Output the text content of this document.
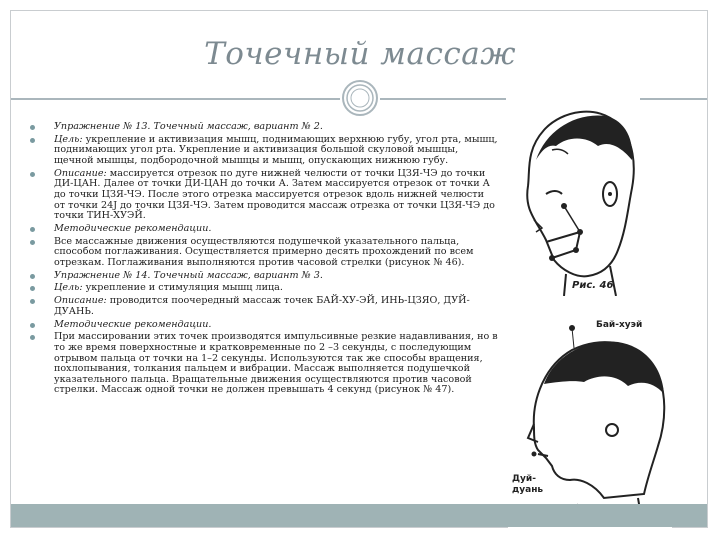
Точечный массаж
Упражнение № 13. Точечный массаж, вариант № 2.
Цель: укрепление и активизация мышц, поднимающих верхнюю губу, угол рта, мышц, поднимающих угол рта. Укрепление и активизация большой скуловой мышцы, щечной мышцы, подбородочной мышцы и мышц, опускающих нижнюю губу.
Описание: массируется отрезок по дуге нижней челюсти от точки ЦЗЯ-ЧЭ до точки ДИ-ЦАН. Далее от точки ДИ-ЦАН до точки А. Затем массируется отрезок от точки А до точки ЦЗЯ-ЧЭ. После этого отрезка массируется отрезок вдоль нижней челюсти от точки 24J до точки ЦЗЯ-ЧЭ. Затем проводится массаж отрезка от точки ЦЗЯ-ЧЭ до точки ТИН-ХУЭЙ.
Методические рекомендации.
Все массажные движения осуществляются подушечкой указательного пальца, способом поглаживания. Осуществляется примерно десять прохождений по всем отрезкам. Поглаживания выполняются против часовой стрелки (рисунок № 46).
Упражнение № 14. Точечный массаж, вариант № 3.
Цель: укрепление и стимуляция мышц лица.
Описание: проводится поочередный массаж точек БАЙ-ХУ-ЭЙ, ИНЬ-ЦЗЯО, ДУЙ-ДУАНЬ.
Методические рекомендации.
При массировании этих точек производятся импульсивные резкие надавливания, но в то же время поверхностные и кратковременные по 2 –3 секунды, с последующим отрывом пальца от точки на 1–2 секунды. Используются так же способы вращения, похлопывания, толкания пальцем и вибрации. Массаж выполняется подушечкой указательного пальца. Вращательные движения осуществляются против часовой стрелки. Массаж одной точки не должен превышать 4 секунд (рисунок № 47).
Рис. 46
Бай-хуэй
Дуй-
дуань
